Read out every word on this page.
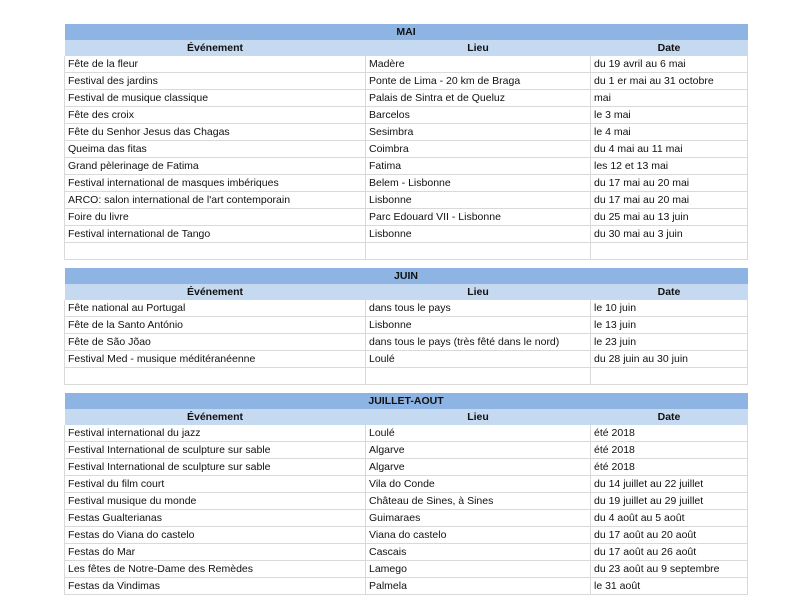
MAI		
Événement	Lieu	Date
Fête de la fleur	Madère	du 19 avril au 6 mai
Festival des jardins	Ponte de Lima - 20 km de Braga	du 1 er mai au 31 octobre
Festival de musique classique	Palais de Sintra et de Queluz	mai
Fête des croix	Barcelos	le 3 mai
Fête du Senhor Jesus das Chagas	Sesimbra	le 4 mai
Queima das fitas	Coimbra	du 4 mai au 11 mai
Grand pèlerinage de Fatima	Fatima	les 12 et 13 mai
Festival international de masques imbériques	Belem - Lisbonne	du 17 mai au 20 mai
ARCO: salon international de l'art contemporain	Lisbonne	du 17 mai au 20 mai
Foire du livre	Parc Edouard VII - Lisbonne	du 25 mai au 13 juin
Festival international de Tango	Lisbonne	du 30 mai au 3 juin

JUIN		
Événement	Lieu	Date
Fête national au Portugal	dans tous le pays	le 10 juin
Fête de la Santo António	Lisbonne	le 13 juin
Fête de São Jõao	dans tous le pays (très fêté dans le nord)	le 23 juin
Festival Med - musique méditéranéenne	Loulé	du 28 juin au 30 juin

JUILLET-AOUT		
Événement	Lieu	Date
Festival international du jazz	Loulé	été 2018
Festival International de sculpture sur sable	Algarve	été 2018
Festival International de sculpture sur sable	Algarve	été 2018
Festival du film court	Vila do Conde	du 14 juillet au 22 juillet
Festival musique du monde	Château de Sines, à Sines	du 19 juillet au 29 juillet
Festas Gualterianas	Guimaraes	du 4 août au 5 août
Festas do Viana do castelo	Viana do castelo	du 17 août au 20 août
Festas do Mar	Cascais	du 17 août au 26 août
Les fêtes de Notre-Dame des Remèdes	Lamego	du 23 août au 9 septembre
Festas da Vindimas	Palmela	le 31 août
